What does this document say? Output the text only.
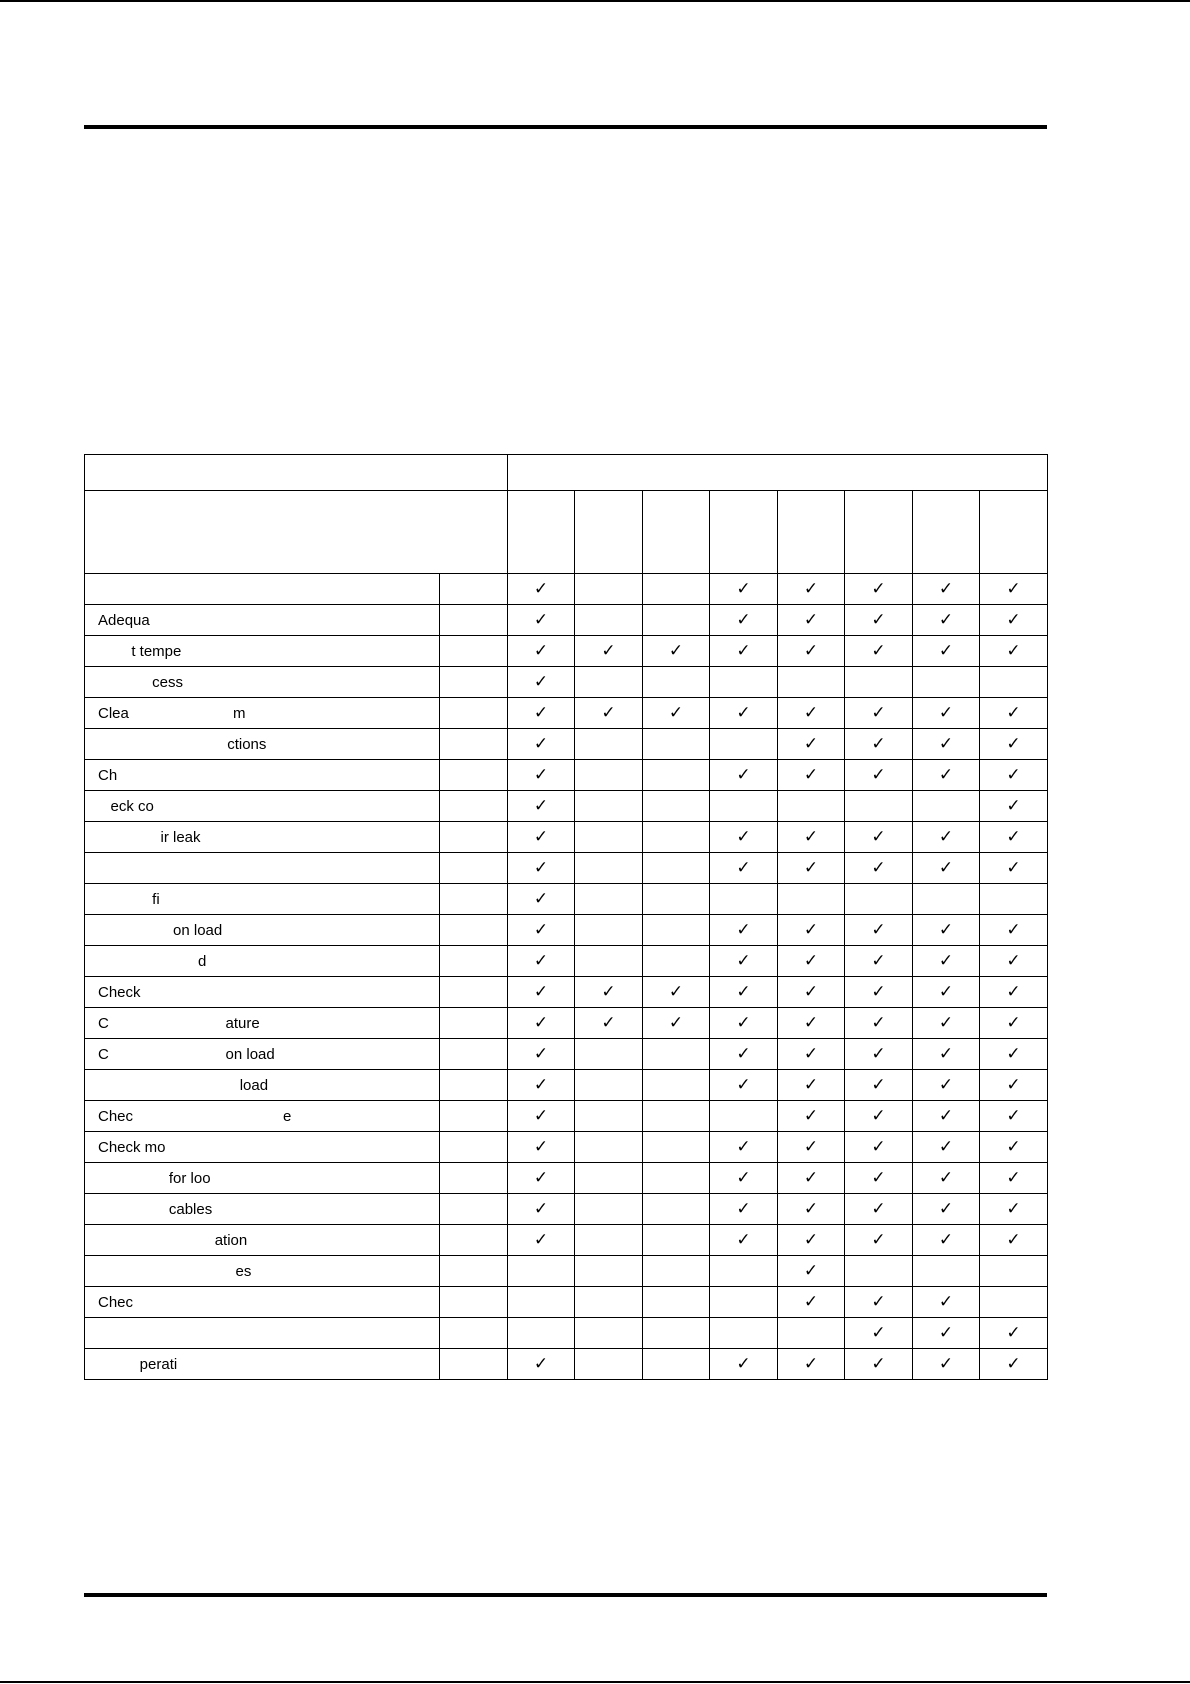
		✓			✓	✓	✓	✓	✓
Adequa		✓			✓	✓	✓	✓	✓
t tempe		✓	✓	✓	✓	✓	✓	✓	✓
cess		✓							
Clea                         m		✓	✓	✓	✓	✓	✓	✓	✓
ctions		✓				✓	✓	✓	✓
Ch		✓			✓	✓	✓	✓	✓
eck co		✓							✓
ir leak		✓			✓	✓	✓	✓	✓
		✓			✓	✓	✓	✓	✓
fi		✓							
on load		✓			✓	✓	✓	✓	✓
d		✓			✓	✓	✓	✓	✓
Check		✓	✓	✓	✓	✓	✓	✓	✓
C                            ature		✓	✓	✓	✓	✓	✓	✓	✓
C                            on load		✓			✓	✓	✓	✓	✓
load		✓			✓	✓	✓	✓	✓
Chec                                    e		✓				✓	✓	✓	✓
Check mo		✓			✓	✓	✓	✓	✓
for loo		✓			✓	✓	✓	✓	✓
cables		✓			✓	✓	✓	✓	✓
ation		✓			✓	✓	✓	✓	✓
es						✓			
Chec						✓	✓	✓	
							✓	✓	✓
perati		✓			✓	✓	✓	✓	✓
